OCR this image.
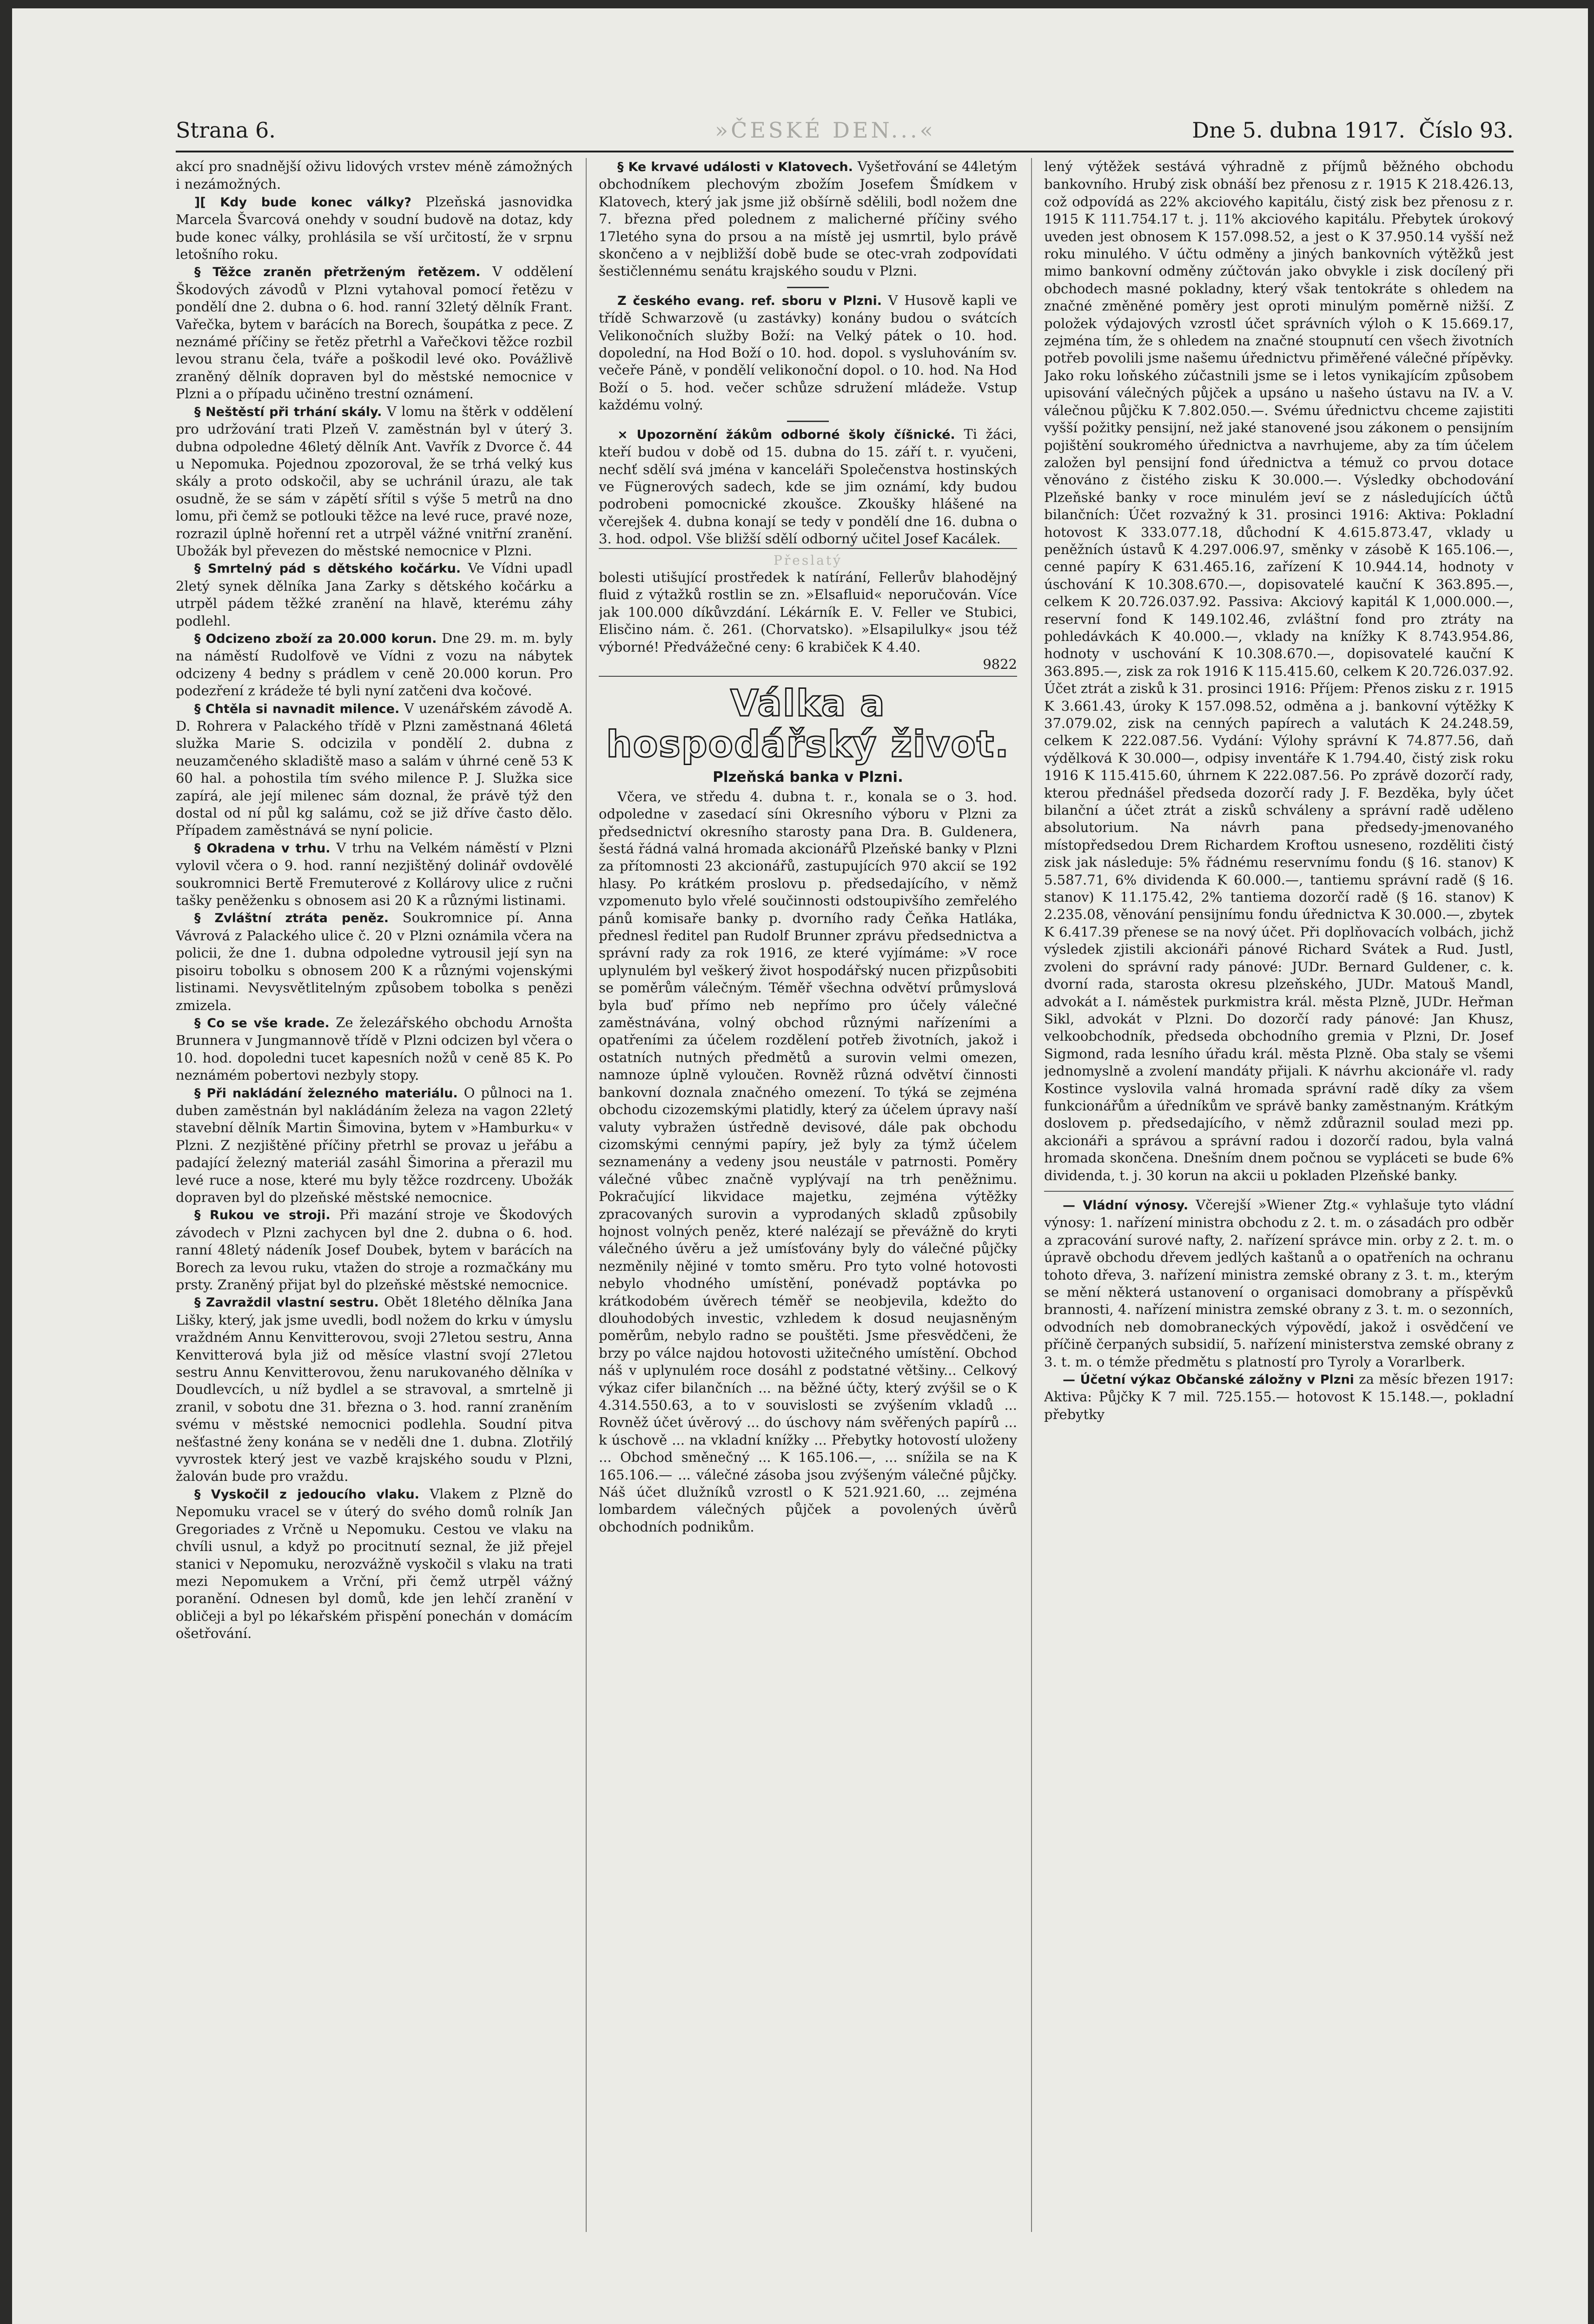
Strana 6.	»ČESKÉ DEN...«	Dne 5. dubna 1917. Číslo 93.

akcí pro snadnější oživu lidových vrstev méně zámožných i nezámožných.

][ Kdy bude konec války? Plzeňská jasnovidka Marcela Švarcová onehdy v soudní budově na dotaz, kdy bude konec války, prohlásila se vší určitostí, že v srpnu letošního roku.

§ Těžce zraněn přetrženým řetězem. V oddělení Škodových závodů v Plzni vytahoval pomocí řetězu v pondělí dne 2. dubna o 6. hod. ranní 32letý dělník Frant. Vařečka, bytem v barácích na Borech, šoupátka z pece. Z neznámé příčiny se řetěz přetrhl a Vařečkovi těžce rozbil levou stranu čela, tváře a poškodil levé oko. Povážlivě zraněný dělník dopraven byl do městské nemocnice v Plzni a o případu učiněno trestní oznámení.

§ Neštěstí při trhání skály. V lomu na štěrk v oddělení pro udržování trati Plzeň V. zaměstnán byl v úterý 3. dubna odpoledne 46letý dělník Ant. Vavřík z Dvorce č. 44 u Nepomuka. Pojednou zpozoroval, že se trhá velký kus skály a proto odskočil, aby se uchránil úrazu, ale tak osudně, že se sám v zápětí sřítil s výše 5 metrů na dno lomu, při čemž se potlouki těžce na levé ruce, pravé noze, rozrazil úplně hořenní ret a utrpěl vážné vnitřní zranění. Ubožák byl převezen do městské nemocnice v Plzni.

§ Smrtelný pád s dětského kočárku. Ve Vídni upadl 2letý synek dělníka Jana Zarky s dětského kočárku a utrpěl pádem těžké zranění na hlavě, kterému záhy podlehl.

§ Odcizeno zboží za 20.000 korun. Dne 29. m. m. byly na náměstí Rudolfově ve Vídni z vozu na nábytek odcizeny 4 bedny s prádlem v ceně 20.000 korun. Pro podezření z krádeže té byli nyní zatčeni dva kočové.

§ Chtěla si navnadit milence. V uzenářském závodě A. D. Rohrera v Palackého třídě v Plzni zaměstnaná 46letá služka Marie S. odcizila v pondělí 2. dubna z neuzamčeného skladiště maso a salám v úhrné ceně 53 K 60 hal. a pohostila tím svého milence P. J. Služka sice zapírá, ale její milenec sám doznal, že právě týž den dostal od ní půl kg salámu, což se již dříve často dělo. Případem zaměstnává se nyní policie.

§ Okradena v trhu. V trhu na Velkém náměstí v Plzni vylovil včera o 9. hod. ranní nezjištěný dolinář ovdovělé soukromnici Bertě Fremuterové z Kollárovy ulice z ručni tašky peněženku s obnosem asi 20 K a různými listinami.

§ Zvláštní ztráta peněz. Soukromnice pí. Anna Vávrová z Palackého ulice č. 20 v Plzni oznámila včera na policii, že dne 1. dubna odpoledne vytrousil její syn na pisoiru tobolku s obnosem 200 K a různými vojenskými listinami. Nevysvětlitelným způsobem tobolka s penězi zmizela.

§ Co se vše krade. Ze železářského obchodu Arnošta Brunnera v Jungmannově třídě v Plzni odcizen byl včera o 10. hod. dopoledni tucet kapesních nožů v ceně 85 K. Po neznámém pobertovi nezbyly stopy.

§ Při nakládání železného materiálu. O půlnoci na 1. duben zaměstnán byl nakládáním železa na vagon 22letý stavební dělník Martin Šimovina, bytem v »Hamburku« v Plzni. Z nezjištěné příčiny přetrhl se provaz u jeřábu a padající železný materiál zasáhl Šimorina a přerazil mu levé ruce a nose, které mu byly těžce rozdrceny. Ubožák dopraven byl do plzeňské městské nemocnice.

§ Rukou ve stroji. Při mazání stroje ve Škodových závodech v Plzni zachycen byl dne 2. dubna o 6. hod. ranní 48letý nádeník Josef Doubek, bytem v barácích na Borech za levou ruku, vtažen do stroje a rozmačkány mu prsty. Zraněný přijat byl do plzeňské městské nemocnice.

§ Zavraždil vlastní sestru. Obět 18letého dělníka Jana Lišky, který, jak jsme uvedli, bodl nožem do krku v úmyslu vraždném Annu Kenvitterovou, svoji 27letou sestru, Anna Kenvitterová byla již od měsíce vlastní svojí 27letou sestru Annu Kenvitterovou, ženu narukovaného dělníka v Doudlevcích, u níž bydlel a se stravoval, a smrtelně ji zranil, v sobotu dne 31. března o 3. hod. ranní zraněním svému v městské nemocnici podlehla. Soudní pitva nešťastné ženy konána se v neděli dne 1. dubna. Zlotřilý vyvrostek který jest ve vazbě krajského soudu v Plzni, žalován bude pro vraždu.

§ Vyskočil z jedoucího vlaku. Vlakem z Plzně do Nepomuku vracel se v úterý do svého domů rolník Jan Gregoriades z Vrčně u Nepomuku. Cestou ve vlaku na chvíli usnul, a když po procitnutí seznal, že již přejel stanici v Nepomuku, nerozvážně vyskočil s vlaku na trati mezi Nepomukem a Vrční, při čemž utrpěl vážný poranění. Odnesen byl domů, kde jen lehčí zranění v obličeji a byl po lékařském přispění ponechán v domácím ošetřování.

§ Ke krvavé události v Klatovech. Vyšetřování se 44letým obchodníkem plechovým zbožím Josefem Šmídkem v Klatovech, který jak jsme již obšírně sdělili, bodl nožem dne 7. března před polednem z malicherné příčiny svého 17letého syna do prsou a na místě jej usmrtil, bylo právě skončeno a v nejbližší době bude se otec-vrah zodpovídati šestičlennému senátu krajského soudu v Plzni.

Z českého evang. ref. sboru v Plzni. V Husově kapli ve třídě Schwarzově (u zastávky) konány budou o svátcích Velikonočních služby Boží: na Velký pátek o 10. hod. dopolední, na Hod Boží o 10. hod. dopol. s vysluhováním sv. večeře Páně, v pondělí velikonoční dopol. o 10. hod. Na Hod Boží o 5. hod. večer schůze sdružení mládeže. Vstup každému volný.

× Upozornění žákům odborné školy číšnické. Ti žáci, kteří budou v době od 15. dubna do 15. září t. r. vyučeni, nechť sdělí svá jména v kanceláři Společenstva hostinských ve Fügnerových sadech, kde se jim oznámí, kdy budou podrobeni pomocnické zkoušce. Zkoušky hlášené na včerejšek 4. dubna konají se tedy v pondělí dne 16. dubna o 3. hod. odpol. Vše bližší sdělí odborný učitel Josef Kacálek.

Přeslatý

bolesti utišující prostředek k natírání, Fellerův blahodějný fluid z výtažků rostlin se zn. »Elsafluid« neporučován. Více jak 100.000 díkůvzdání. Lékárník E. V. Feller ve Stubici, Elisčino nám. č. 261. (Chorvatsko). »Elsapilulky« jsou též výborné! Předvážečné ceny: 6 krabiček K 4.40.

9822
Válka a hospodářský život.
Plzeňská banka v Plzni.

Včera, ve středu 4. dubna t. r., konala se o 3. hod. odpoledne v zasedací síni Okresního výboru v Plzni za předsednictví okresního starosty pana Dra. B. Guldenera, šestá řádná valná hromada akcionářů Plzeňské banky v Plzni za přítomnosti 23 akcionářů, zastupujících 970 akcií se 192 hlasy. Po krátkém proslovu p. předsedajícího, v němž vzpomenuto bylo vřelé součinnosti odstoupivšího zemřelého pánů komisaře banky p. dvorního rady Čeňka Hatláka, přednesl ředitel pan Rudolf Brunner zprávu předsednictva a správní rady za rok 1916, ze které vyjímáme: »V roce uplynulém byl veškerý život hospodářský nucen přizpůsobiti se poměrům válečným. Téměř všechna odvětví průmyslová byla buď přímo neb nepřímo pro účely válečné zaměstnávána, volný obchod různými nařízeními a opatřeními za účelem rozdělení potřeb životních, jakož i ostatních nutných předmětů a surovin velmi omezen, namnoze úplně vyloučen. Rovněž různá odvětví činnosti bankovní doznala značného omezení. To týká se zejména obchodu cizozemskými platidly, který za účelem úpravy naší valuty vybražen ústředně devisové, dále pak obchodu cizomskými cennými papíry, jež byly za týmž účelem seznamenány a vedeny jsou neustále v patrnosti. Poměry válečné vůbec značně vyplývají na trh peněžnimu. Pokračující likvidace majetku, zejména výtěžky zpracovaných surovin a vyprodaných skladů způsobily hojnost volných peněz, které nalézají se převážně do kryti válečného úvěru a jež umísťovány byly do válečné půjčky nezměnily nějiné v tomto směru. Pro tyto volné hotovosti nebylo vhodného umístění, ponévadž poptávka po krátkodobém úvěrech téměř se neobjevila, kdežto do dlouhodobých investic, vzhledem k dosud neujasněným poměrům, nebylo radno se pouštěti. Jsme přesvědčeni, že brzy po válce najdou hotovosti užitečného umístění. Obchod náš v uplynulém roce dosáhl z podstatné většiny... Celkový výkaz cifer bilančních ... na běžné účty, který zvýšil se o K 4.314.550.63, a to v souvislosti se zvýšením vkladů ... Rovněž účet úvěrový ... do úschovy nám svěřených papírů ... k úschově ... na vkladní knížky ... Přebytky hotovostí uloženy ... Obchod směnečný ... K 165.106.—, ... snížila se na K 165.106.— ... válečné zásoba jsou zvýšeným válečné půjčky. Náš účet dlužníků vzrostl o K 521.921.60, ... zejména lombardem válečných půjček a povolených úvěrů obchodních podnikům.

lený výtěžek sestává výhradně z příjmů běžného obchodu bankovního. Hrubý zisk obnáší bez přenosu z r. 1915 K 218.426.13, což odpovídá as 22% akciového kapitálu, čistý zisk bez přenosu z r. 1915 K 111.754.17 t. j. 11% akciového kapitálu. Přebytek úrokový uveden jest obnosem K 157.098.52, a jest o K 37.950.14 vyšší než roku minulého. V účtu odměny a jiných bankovních výtěžků jest mimo bankovní odměny zúčtován jako obvykle i zisk docílený při obchodech masné pokladny, který však tentokráte s ohledem na značné změněné poměry jest oproti minulým poměrně nižší. Z položek výdajových vzrostl účet správních výloh o K 15.669.17, zejména tím, že s ohledem na značné stoupnutí cen všech životních potřeb povolili jsme našemu úřednictvu přiměřené válečné přípěvky. Jako roku loňského zúčastnili jsme se i letos vynikajícím způsobem upisování válečných půjček a upsáno u našeho ústavu na IV. a V. válečnou půjčku K 7.802.050.—. Svému úřednictvu chceme zajistiti vyšší požitky pensijní, než jaké stanovené jsou zákonem o pensijním pojištění soukromého úřednictva a navrhujeme, aby za tím účelem založen byl pensijní fond úřednictva a témuž co prvou dotace věnováno z čistého zisku K 30.000.—. Výsledky obchodování Plzeňské banky v roce minulém jeví se z následujících účtů bilančních: Účet rozvažný k 31. prosinci 1916: Aktiva: Pokladní hotovost K 333.077.18, důchodní K 4.615.873.47, vklady u peněžních ústavů K 4.297.006.97, směnky v zásobě K 165.106.—, cenné papíry K 631.465.16, zařízení K 10.944.14, hodnoty v úschování K 10.308.670.—, dopisovatelé kauční K 363.895.—, celkem K 20.726.037.92. Passiva: Akciový kapitál K 1,000.000.—, reservní fond K 149.102.46, zvláštní fond pro ztráty na pohledávkách K 40.000.—, vklady na knížky K 8.743.954.86, hodnoty v uschování K 10.308.670.—, dopisovatelé kauční K 363.895.—, zisk za rok 1916 K 115.415.60, celkem K 20.726.037.92. Účet ztrát a zisků k 31. prosinci 1916: Příjem: Přenos zisku z r. 1915 K 3.661.43, úroky K 157.098.52, odměna a j. bankovní výtěžky K 37.079.02, zisk na cenných papírech a valutách K 24.248.59, celkem K 222.087.56. Vydání: Výlohy správní K 74.877.56, daň výdělková K 30.000—, odpisy inventáře K 1.794.40, čistý zisk roku 1916 K 115.415.60, úhrnem K 222.087.56. Po zprávě dozorčí rady, kterou přednášel předseda dozorčí rady J. F. Bezděka, byly účet bilanční a účet ztrát a zisků schváleny a správní radě uděleno absolutorium. Na návrh pana předsedy-jmenovaného místopředsedou Drem Richardem Kroftou usneseno, rozděliti čistý zisk jak následuje: 5% řádnému reservnímu fondu (§ 16. stanov) K 5.587.71, 6% dividenda K 60.000.—, tantiemu správní radě (§ 16. stanov) K 11.175.42, 2% tantiema dozorčí radě (§ 16. stanov) K 2.235.08, věnování pensijnímu fondu úřednictva K 30.000.—, zbytek K 6.417.39 přenese se na nový účet. Při doplňovacích volbách, jichž výsledek zjistili akcionáři pánové Richard Svátek a Rud. Justl, zvoleni do správní rady pánové: JUDr. Bernard Guldener, c. k. dvorní rada, starosta okresu plzeňského, JUDr. Matouš Mandl, advokát a I. náměstek purkmistra král. města Plzně, JUDr. Heřman Sikl, advokát v Plzni. Do dozorčí rady pánové: Jan Khusz, velkoobchodník, předseda obchodního gremia v Plzni, Dr. Josef Sigmond, rada lesního úřadu král. města Plzně. Oba staly se všemi jednomyslně a zvolení mandáty přijali. K návrhu akcionáře vl. rady Kostince vyslovila valná hromada správní radě díky za všem funkcionářům a úředníkům ve správě banky zaměstnaným. Krátkým doslovem p. předsedajícího, v němž zdůraznil soulad mezi pp. akcionáři a správou a správní radou i dozorčí radou, byla valná hromada skončena. Dnešním dnem počnou se vypláceti se bude 6% dividenda, t. j. 30 korun na akcii u pokladen Plzeňské banky.

— Vládní výnosy. Včerejší »Wiener Ztg.« vyhlašuje tyto vládní výnosy: 1. nařízení ministra obchodu z 2. t. m. o zásadách pro odběr a zpracování surové nafty, 2. nařízení správce min. orby z 2. t. m. o úpravě obchodu dřevem jedlých kaštanů a o opatřeních na ochranu tohoto dřeva, 3. nařízení ministra zemské obrany z 3. t. m., kterým se mění některá ustanovení o organisaci domobrany a příspěvků brannosti, 4. nařízení ministra zemské obrany z 3. t. m. o sezonních, odvodních neb domobraneckých výpovědí, jakož i osvědčení ve příčině čerpaných subsidií, 5. nařízení ministerstva zemské obrany z 3. t. m. o témže předmětu s platností pro Tyroly a Vorarlberk.

— Účetní výkaz Občanské záložny v Plzni za měsíc březen 1917: Aktiva: Půjčky K 7 mil. 725.155.— hotovost K 15.148.—, pokladní přebytky
